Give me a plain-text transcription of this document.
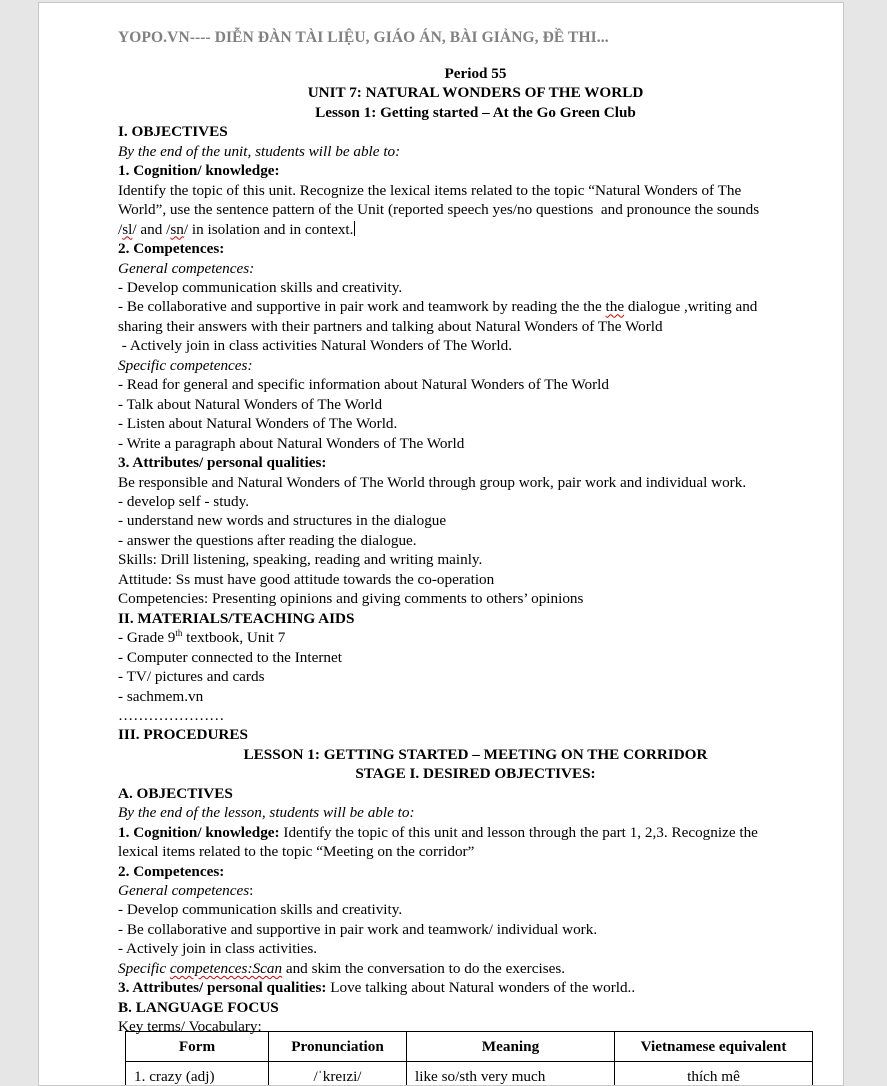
YOPO.VN---- DIỄN ĐÀN TÀI LIỆU, GIÁO ÁN, BÀI GIẢNG, ĐỀ THI...

Period 55

UNIT 7: NATURAL WONDERS OF THE WORLD

Lesson 1: Getting started – At the Go Green Club

I. OBJECTIVES

By the end of the unit, students will be able to:

1. Cognition/ knowledge:

Identify the topic of this unit. Recognize the lexical items related to the topic “Natural Wonders of The

World”, use the sentence pattern of the Unit (reported speech yes/no questions  and pronounce the sounds

/sl/ and /sn/ in isolation and in context.

2. Competences:

General competences:

- Develop communication skills and creativity.

- Be collaborative and supportive in pair work and teamwork by reading the the the dialogue ,writing and

sharing their answers with their partners and talking about Natural Wonders of The World

- Actively join in class activities Natural Wonders of The World.

Specific competences:

- Read for general and specific information about Natural Wonders of The World

- Talk about Natural Wonders of The World

- Listen about Natural Wonders of The World.

- Write a paragraph about Natural Wonders of The World

3. Attributes/ personal qualities:

Be responsible and Natural Wonders of The World through group work, pair work and individual work.

- develop self - study.

- understand new words and structures in the dialogue

- answer the questions after reading the dialogue.

Skills: Drill listening, speaking, reading and writing mainly.

Attitude: Ss must have good attitude towards the co-operation

Competencies: Presenting opinions and giving comments to others’ opinions

II. MATERIALS/TEACHING AIDS

- Grade 9th textbook, Unit 7

- Computer connected to the Internet

- TV/ pictures and cards

- sachmem.vn

…………………

III. PROCEDURES

LESSON 1: GETTING STARTED – MEETING ON THE CORRIDOR

STAGE I. DESIRED OBJECTIVES:

A. OBJECTIVES

By the end of the lesson, students will be able to:

1. Cognition/ knowledge: Identify the topic of this unit and lesson through the part 1, 2,3. Recognize the

lexical items related to the topic “Meeting on the corridor”

2. Competences:

General competences:

- Develop communication skills and creativity.

- Be collaborative and supportive in pair work and teamwork/ individual work.

- Actively join in class activities.

Specific competences:Scan and skim the conversation to do the exercises.

3. Attributes/ personal qualities: Love talking about Natural wonders of the world..

B. LANGUAGE FOCUS

Key terms/ Vocabulary:

Form	Pronunciation	Meaning	Vietnamese equivalent
1. crazy (adj)	/ˈkreɪzi/	like so/sth very much	thích mê
